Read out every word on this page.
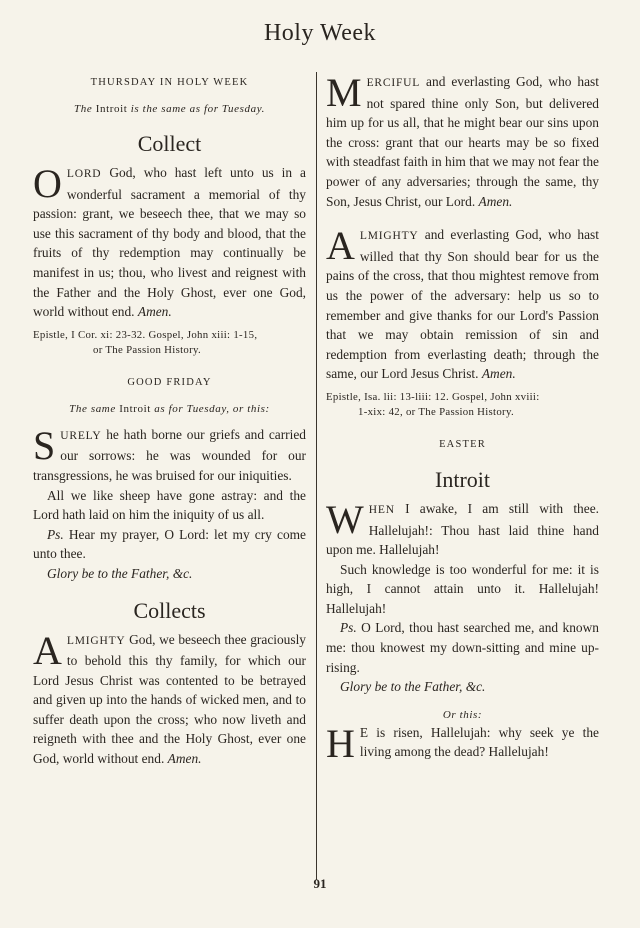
Holy Week
THURSDAY IN HOLY WEEK
The Introit is the same as for Tuesday.
Collect

O LORD God, who hast left unto us in a wonderful sacrament a memorial of thy passion: grant, we beseech thee, that we may so use this sacrament of thy body and blood, that the fruits of thy redemption may continually be manifest in us; thou, who livest and reignest with the Father and the Holy Ghost, ever one God, world without end. Amen.

Epistle, I Cor. xi: 23-32. Gospel, John xiii: 1-15,
or The Passion History.
GOOD FRIDAY
The same Introit as for Tuesday, or this:

SURELY he hath borne our griefs and carried our sorrows: he was wounded for our transgressions, he was bruised for our iniquities.

All we like sheep have gone astray: and the Lord hath laid on him the iniquity of us all.

Ps. Hear my prayer, O Lord: let my cry come unto thee.

Glory be to the Father, &c.

Collects

ALMIGHTY God, we beseech thee graciously to behold this thy family, for which our Lord Jesus Christ was contented to be betrayed and given up into the hands of wicked men, and to suffer death upon the cross; who now liveth and reigneth with thee and the Holy Ghost, ever one God, world without end. Amen.

MERCIFUL and everlasting God, who hast not spared thine only Son, but delivered him up for us all, that he might bear our sins upon the cross: grant that our hearts may be so fixed with steadfast faith in him that we may not fear the power of any adversaries; through the same, thy Son, Jesus Christ, our Lord. Amen.

ALMIGHTY and everlasting God, who hast willed that thy Son should bear for us the pains of the cross, that thou mightest remove from us the power of the adversary: help us so to remember and give thanks for our Lord's Passion that we may obtain remission of sin and redemption from everlasting death; through the same, our Lord Jesus Christ. Amen.

Epistle, Isa. lii: 13-liii: 12. Gospel, John xviii:
1-xix: 42, or The Passion History.
EASTER
Introit

WHEN I awake, I am still with thee. Hallelujah!: Thou hast laid thine hand upon me. Hallelujah!

Such knowledge is too wonderful for me: it is high, I cannot attain unto it. Hallelujah! Hallelujah!

Ps. O Lord, thou hast searched me, and known me: thou knowest my down-sitting and mine up-rising.

Glory be to the Father, &c.

Or this:

H E is risen, Hallelujah: why seek ye the living among the dead? Hallelujah!

91
